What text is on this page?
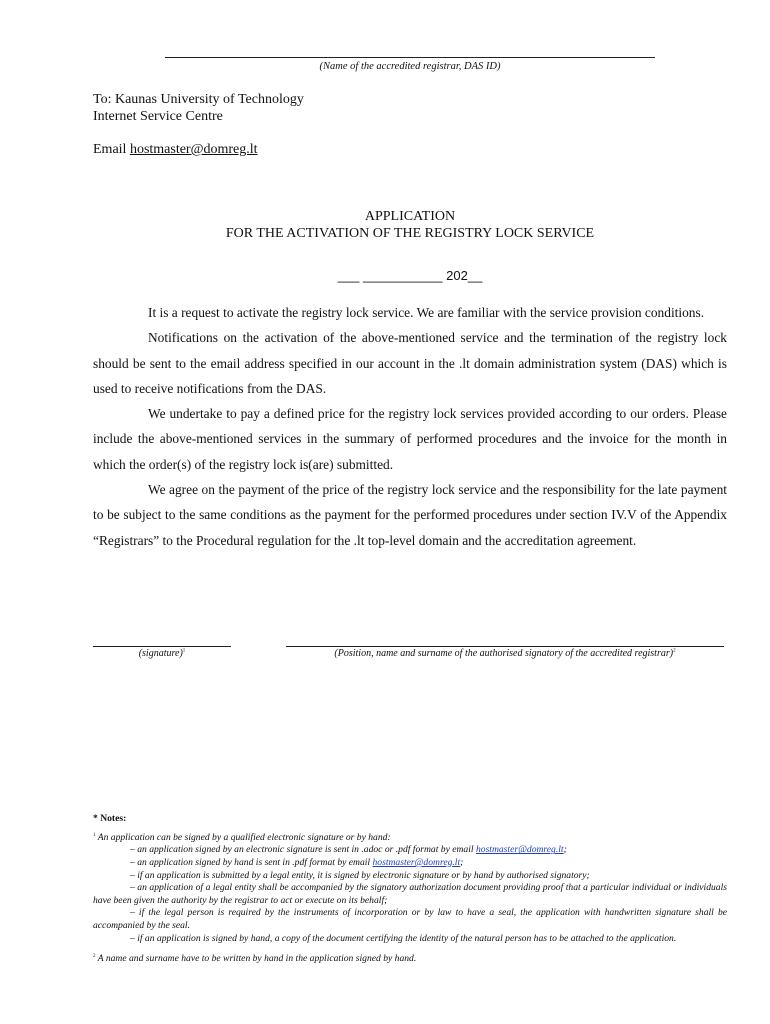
(Name of the accredited registrar, DAS ID)
To: Kaunas University of Technology
Internet Service Centre
Email hostmaster@domreg.lt
APPLICATION
FOR THE ACTIVATION OF THE REGISTRY LOCK SERVICE
___ ___________ 202__

It is a request to activate the registry lock service. We are familiar with the service provision conditions.

Notifications on the activation of the above-mentioned service and the termination of the registry lock should be sent to the email address specified in our account in the .lt domain administration system (DAS) which is used to receive notifications from the DAS.

We undertake to pay a defined price for the registry lock services provided according to our orders. Please include the above-mentioned services in the summary of performed procedures and the invoice for the month in which the order(s) of the registry lock is(are) submitted.

We agree on the payment of the price of the registry lock service and the responsibility for the late payment to be subject to the same conditions as the payment for the performed procedures under section IV.V of the Appendix “Registrars” to the Procedural regulation for the .lt top-level domain and the accreditation agreement.

(signature)$^1$	(Position, name and surname of the authorised signatory of the accredited registrar)$^2$
* Notes:
$^1$ An application can be signed by a qualified electronic signature or by hand:
– an application signed by an electronic signature is sent in .adoc or .pdf format by email hostmaster@domreg.lt;
– an application signed by hand is sent in .pdf format by email hostmaster@domreg.lt;
– if an application is submitted by a legal entity, it is signed by electronic signature or by hand by authorised signatory;
– an application of a legal entity shall be accompanied by the signatory authorization document providing proof that a particular individual or individuals have been given the authority by the registrar to act or execute on its behalf;
– if the legal person is required by the instruments of incorporation or by law to have a seal, the application with handwritten signature shall be accompanied by the seal.
– if an application is signed by hand, a copy of the document certifying the identity of the natural person has to be attached to the application.
$^2$ A name and surname have to be written by hand in the application signed by hand.
